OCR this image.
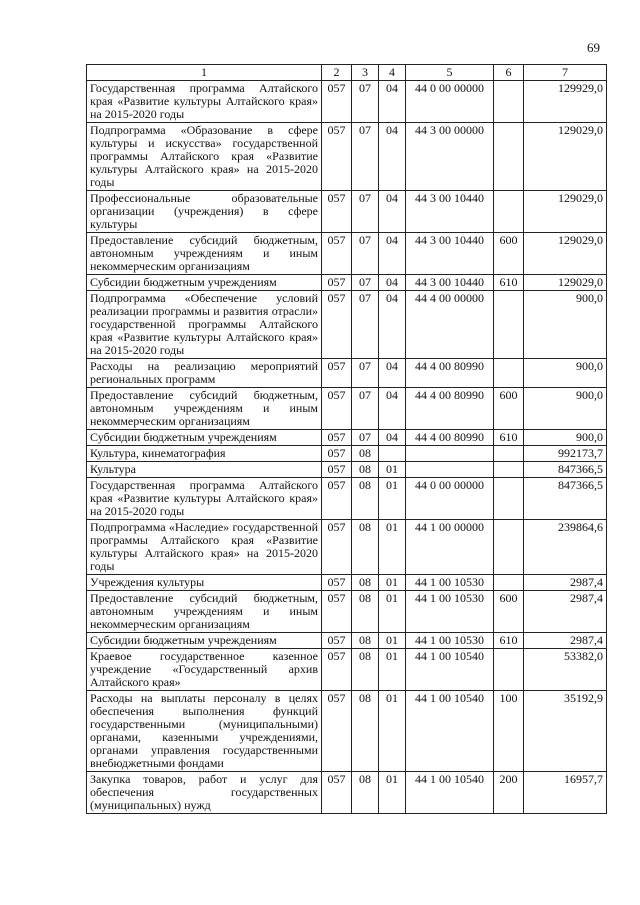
69
1	2	3	4	5	6	7
Государственная программа Алтайского края «Развитие культуры Алтайского края» на 2015-2020 годы	057	07	04	44 0 00 00000		129929,0
Подпрограмма «Образование в сфере культуры и искусства» государственной программы Алтайского края «Развитие культуры Алтайского края» на 2015-2020 годы	057	07	04	44 3 00 00000		129029,0
Профессиональные образовательные организации (учреждения) в сфере культуры	057	07	04	44 3 00 10440		129029,0
Предоставление субсидий бюджетным, автономным учреждениям и иным некоммерческим организациям	057	07	04	44 3 00 10440	600	129029,0
Субсидии бюджетным учреждениям	057	07	04	44 3 00 10440	610	129029,0
Подпрограмма «Обеспечение условий реализации программы и развития отрасли» государственной программы Алтайского края «Развитие культуры Алтайского края» на 2015-2020 годы	057	07	04	44 4 00 00000		900,0
Расходы на реализацию мероприятий региональных программ	057	07	04	44 4 00 80990		900,0
Предоставление субсидий бюджетным, автономным учреждениям и иным некоммерческим организациям	057	07	04	44 4 00 80990	600	900,0
Субсидии бюджетным учреждениям	057	07	04	44 4 00 80990	610	900,0
Культура, кинематография	057	08				992173,7
Культура	057	08	01			847366,5
Государственная программа Алтайского края «Развитие культуры Алтайского края» на 2015-2020 годы	057	08	01	44 0 00 00000		847366,5
Подпрограмма «Наследие» государственной программы Алтайского края «Развитие культуры Алтайского края» на 2015-2020 годы	057	08	01	44 1 00 00000		239864,6
Учреждения культуры	057	08	01	44 1 00 10530		2987,4
Предоставление субсидий бюджетным, автономным учреждениям и иным некоммерческим организациям	057	08	01	44 1 00 10530	600	2987,4
Субсидии бюджетным учреждениям	057	08	01	44 1 00 10530	610	2987,4
Краевое государственное казенное учреждение «Государственный архив Алтайского края»	057	08	01	44 1 00 10540		53382,0
Расходы на выплаты персоналу в целях обеспечения выполнения функций государственными (муниципальными) органами, казенными учреждениями, органами управления государственными внебюджетными фондами	057	08	01	44 1 00 10540	100	35192,9
Закупка товаров, работ и услуг для обеспечения государственных (муниципальных) нужд	057	08	01	44 1 00 10540	200	16957,7
